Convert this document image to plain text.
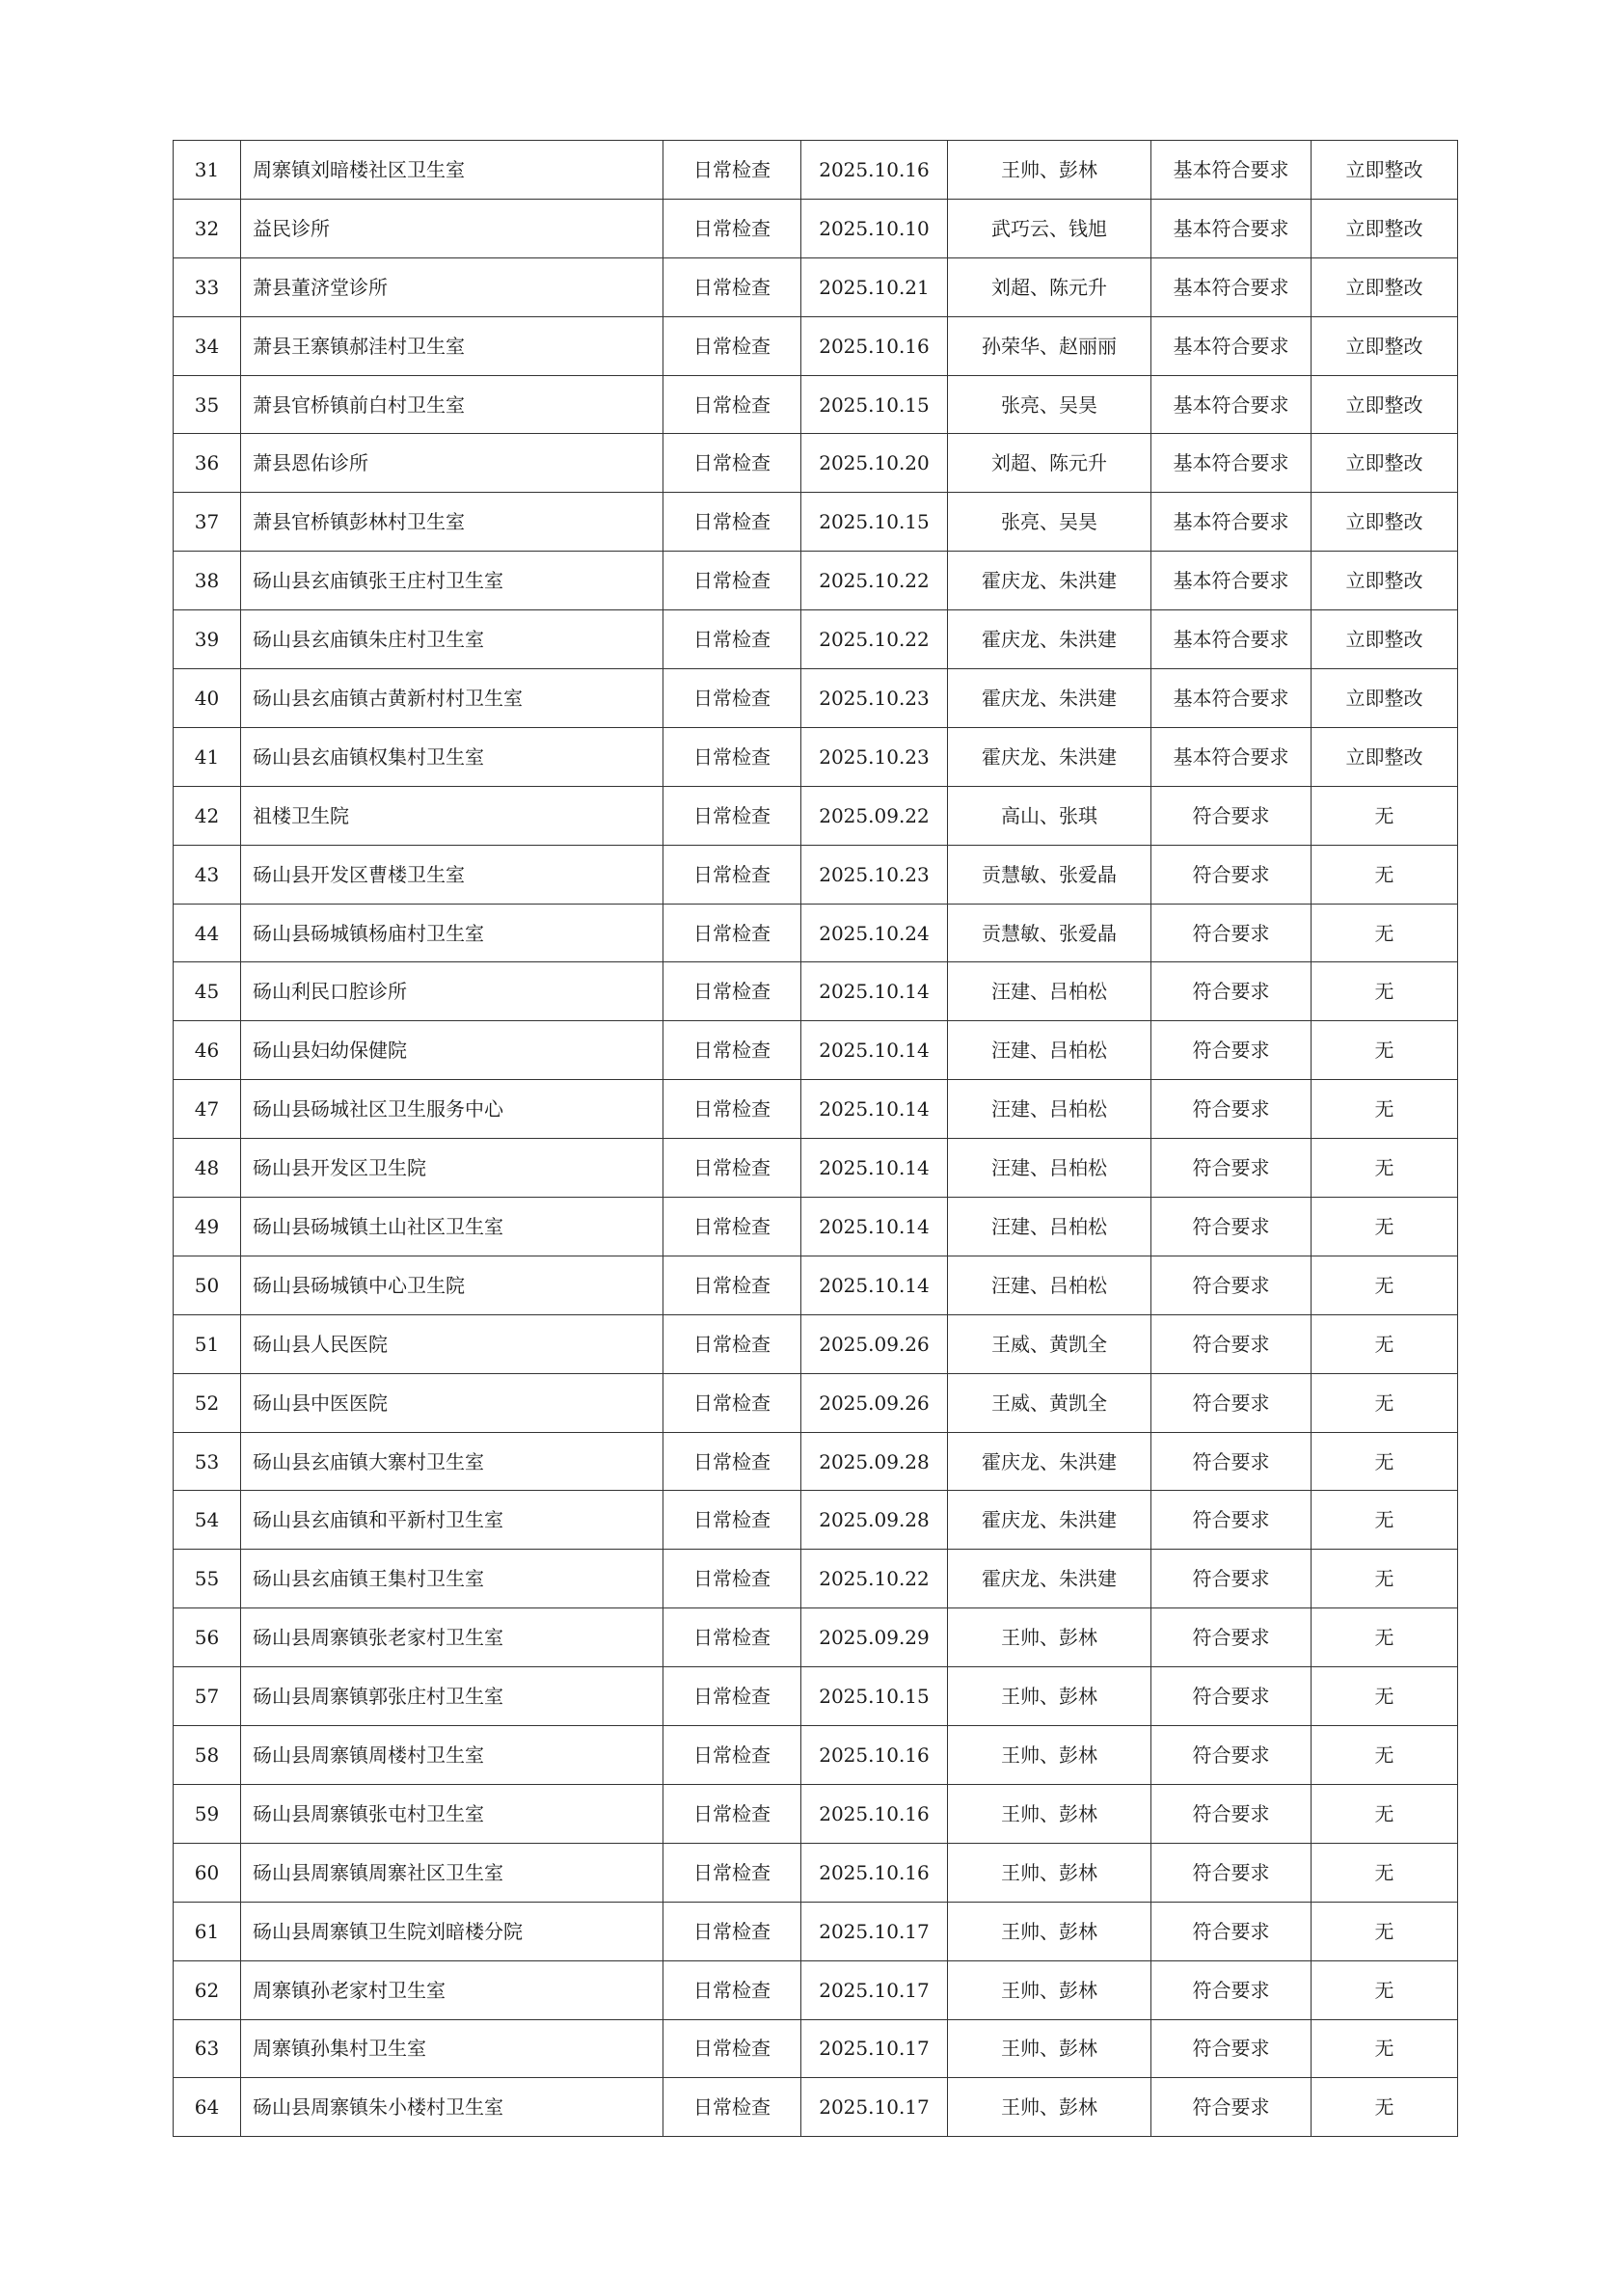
31	周寨镇刘暗楼社区卫生室	日常检查	2025.10.16	王帅、彭林	基本符合要求	立即整改
32	益民诊所	日常检查	2025.10.10	武巧云、钱旭	基本符合要求	立即整改
33	萧县董济堂诊所	日常检查	2025.10.21	刘超、陈元升	基本符合要求	立即整改
34	萧县王寨镇郝洼村卫生室	日常检查	2025.10.16	孙荣华、赵丽丽	基本符合要求	立即整改
35	萧县官桥镇前白村卫生室	日常检查	2025.10.15	张亮、吴昊	基本符合要求	立即整改
36	萧县恩佑诊所	日常检查	2025.10.20	刘超、陈元升	基本符合要求	立即整改
37	萧县官桥镇彭林村卫生室	日常检查	2025.10.15	张亮、吴昊	基本符合要求	立即整改
38	砀山县玄庙镇张王庄村卫生室	日常检查	2025.10.22	霍庆龙、朱洪建	基本符合要求	立即整改
39	砀山县玄庙镇朱庄村卫生室	日常检查	2025.10.22	霍庆龙、朱洪建	基本符合要求	立即整改
40	砀山县玄庙镇古黄新村村卫生室	日常检查	2025.10.23	霍庆龙、朱洪建	基本符合要求	立即整改
41	砀山县玄庙镇权集村卫生室	日常检查	2025.10.23	霍庆龙、朱洪建	基本符合要求	立即整改
42	祖楼卫生院	日常检查	2025.09.22	高山、张琪	符合要求	无
43	砀山县开发区曹楼卫生室	日常检查	2025.10.23	贡慧敏、张爱晶	符合要求	无
44	砀山县砀城镇杨庙村卫生室	日常检查	2025.10.24	贡慧敏、张爱晶	符合要求	无
45	砀山利民口腔诊所	日常检查	2025.10.14	汪建、吕柏松	符合要求	无
46	砀山县妇幼保健院	日常检查	2025.10.14	汪建、吕柏松	符合要求	无
47	砀山县砀城社区卫生服务中心	日常检查	2025.10.14	汪建、吕柏松	符合要求	无
48	砀山县开发区卫生院	日常检查	2025.10.14	汪建、吕柏松	符合要求	无
49	砀山县砀城镇土山社区卫生室	日常检查	2025.10.14	汪建、吕柏松	符合要求	无
50	砀山县砀城镇中心卫生院	日常检查	2025.10.14	汪建、吕柏松	符合要求	无
51	砀山县人民医院	日常检查	2025.09.26	王威、黄凯全	符合要求	无
52	砀山县中医医院	日常检查	2025.09.26	王威、黄凯全	符合要求	无
53	砀山县玄庙镇大寨村卫生室	日常检查	2025.09.28	霍庆龙、朱洪建	符合要求	无
54	砀山县玄庙镇和平新村卫生室	日常检查	2025.09.28	霍庆龙、朱洪建	符合要求	无
55	砀山县玄庙镇王集村卫生室	日常检查	2025.10.22	霍庆龙、朱洪建	符合要求	无
56	砀山县周寨镇张老家村卫生室	日常检查	2025.09.29	王帅、彭林	符合要求	无
57	砀山县周寨镇郭张庄村卫生室	日常检查	2025.10.15	王帅、彭林	符合要求	无
58	砀山县周寨镇周楼村卫生室	日常检查	2025.10.16	王帅、彭林	符合要求	无
59	砀山县周寨镇张屯村卫生室	日常检查	2025.10.16	王帅、彭林	符合要求	无
60	砀山县周寨镇周寨社区卫生室	日常检查	2025.10.16	王帅、彭林	符合要求	无
61	砀山县周寨镇卫生院刘暗楼分院	日常检查	2025.10.17	王帅、彭林	符合要求	无
62	周寨镇孙老家村卫生室	日常检查	2025.10.17	王帅、彭林	符合要求	无
63	周寨镇孙集村卫生室	日常检查	2025.10.17	王帅、彭林	符合要求	无
64	砀山县周寨镇朱小楼村卫生室	日常检查	2025.10.17	王帅、彭林	符合要求	无
